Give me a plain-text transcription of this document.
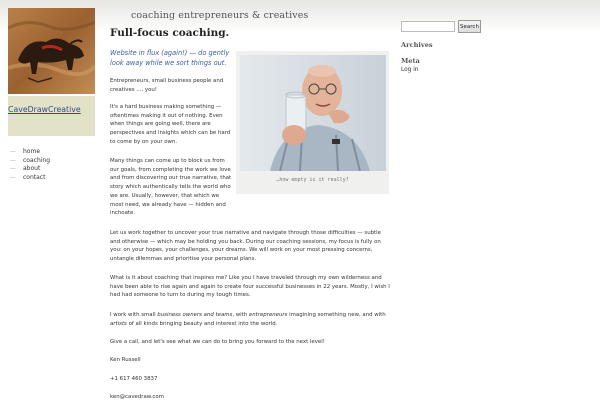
coaching entrepreneurs & creatives
CaveDrawCreative
— home
— coaching
— about
— contact
Full-focus coaching.
Website in flux (again!) — do gently look away while we sort things out.
Entrepreneurs, small business people and creatives .... you!
It's a hard business making something — oftentimes making it out of nothing. Even when things are going well, there are perspectives and insights which can be hard to come by on your own.
Many things can come up to block us from our goals, from completing the work we love and from discovering our true narrative, that story which authentically tells the world who we are. Usually, however, that which we most need, we already have — hidden and inchoate.
…how empty is it really?
Let us work together to uncover your true narrative and navigate through those difficulties — subtle and otherwise — which may be holding you back. During our coaching sessions, my focus is fully on you: on your hopes, your challenges, your dreams. We will work on your most pressing concerns, untangle dilemmas and prioritise your personal plans.
What is it about coaching that inspires me? Like you I have traveled through my own wilderness and have been able to rise again and again to create four successful businesses in 22 years. Mostly, I wish I had had someone to turn to during my tough times.
I work with small business owners and teams, with entrepreneurs imagining something new, and with artists of all kinds bringing beauty and interest into the world.
Give a call, and let's see what we can do to bring you forward to the next level!
Ken Russell
+1 617 460 3837
ken@cavedraw.com
Search
Archives
Meta
Log in
